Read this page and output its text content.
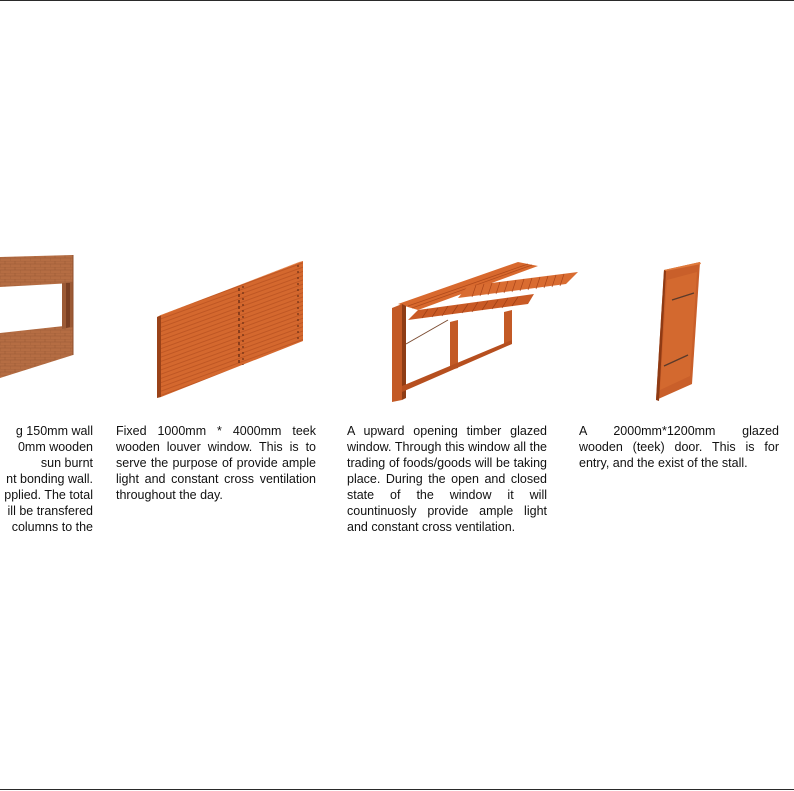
g 150mm wall
0mm wooden
sun burnt
nt bonding wall.
pplied. The total
ill be transfered
columns to the

Fixed 1000mm * 4000mm teek wooden louver window. This is to serve the purpose of provide ample light and constant cross ventilation throughout the day.

A upward opening timber glazed window. Through this window all the trading of foods/goods will be taking place. During the open and closed state of the window it will countinuosly provide ample light and constant cross ventilation.

A 2000mm*1200mm glazed wooden (teek) door. This is for entry, and the exist of the stall.
